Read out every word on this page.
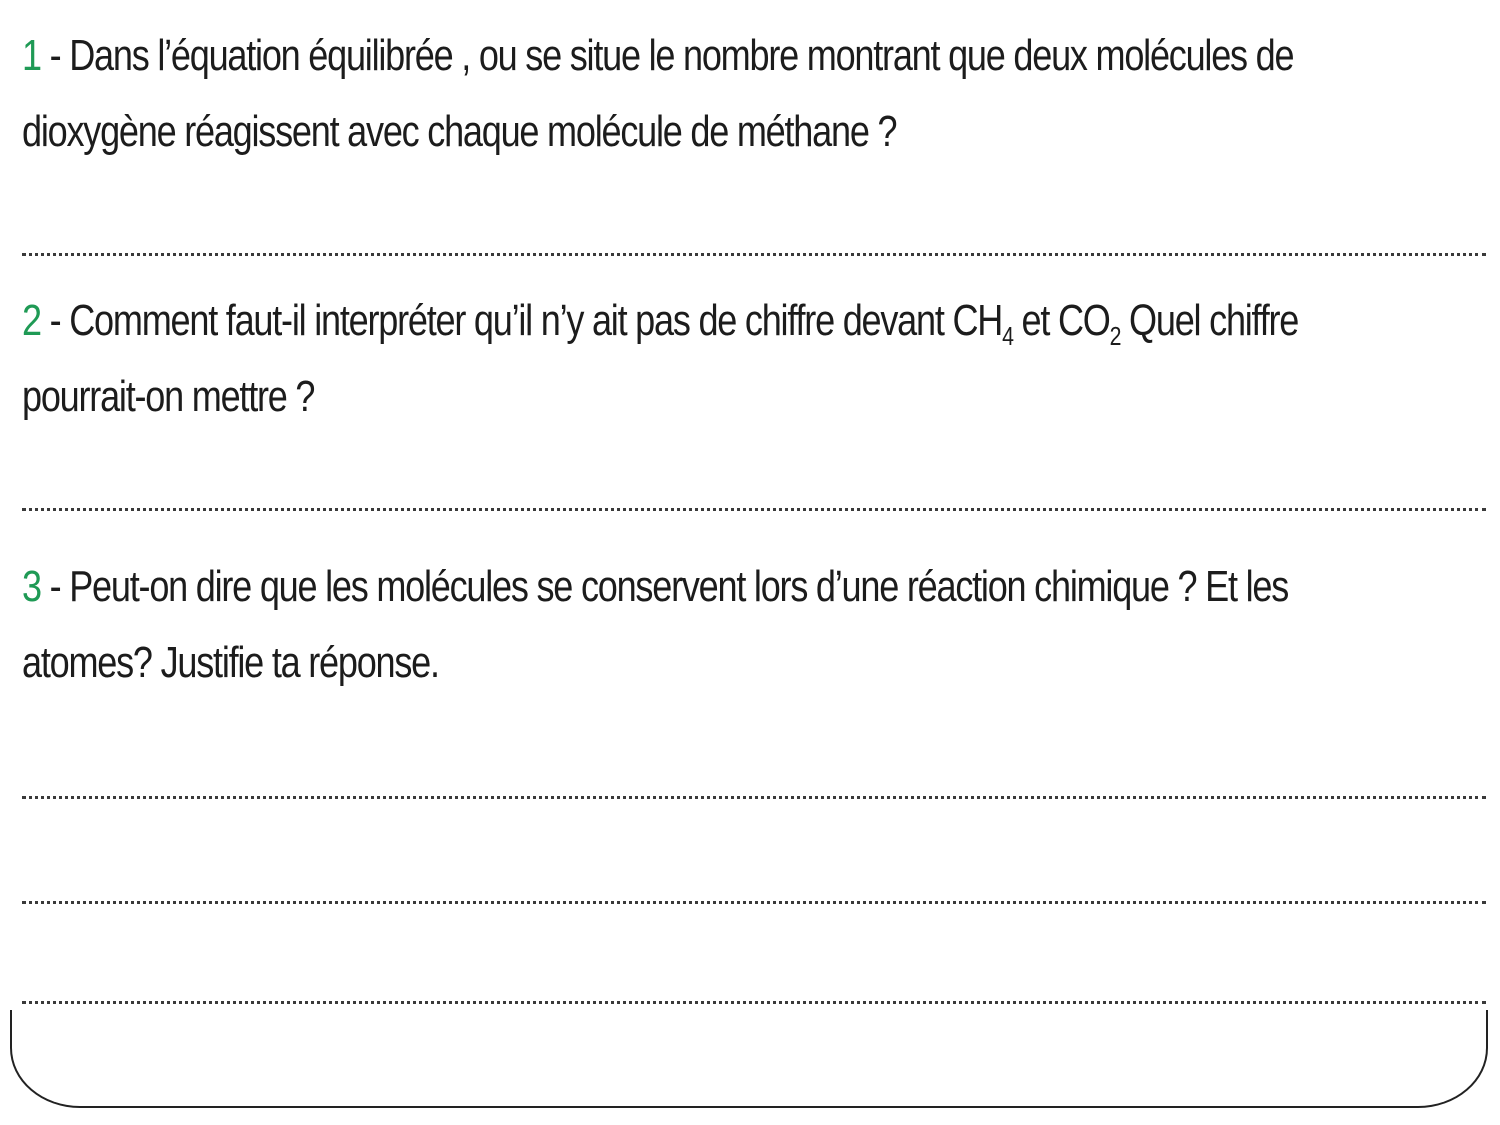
1 - Dans l’équation équilibrée , ou se situe le nombre montrant que deux molécules de
dioxygène réagissent avec chaque molécule de méthane ?
2 - Comment faut-il interpréter qu’il n’y ait pas de chiffre devant $CH_4$ et $CO_2$ Quel chiffre
pourrait-on mettre ?
3 - Peut-on dire que les molécules se conservent lors d’une réaction chimique ? Et les
atomes? Justifie ta réponse.
